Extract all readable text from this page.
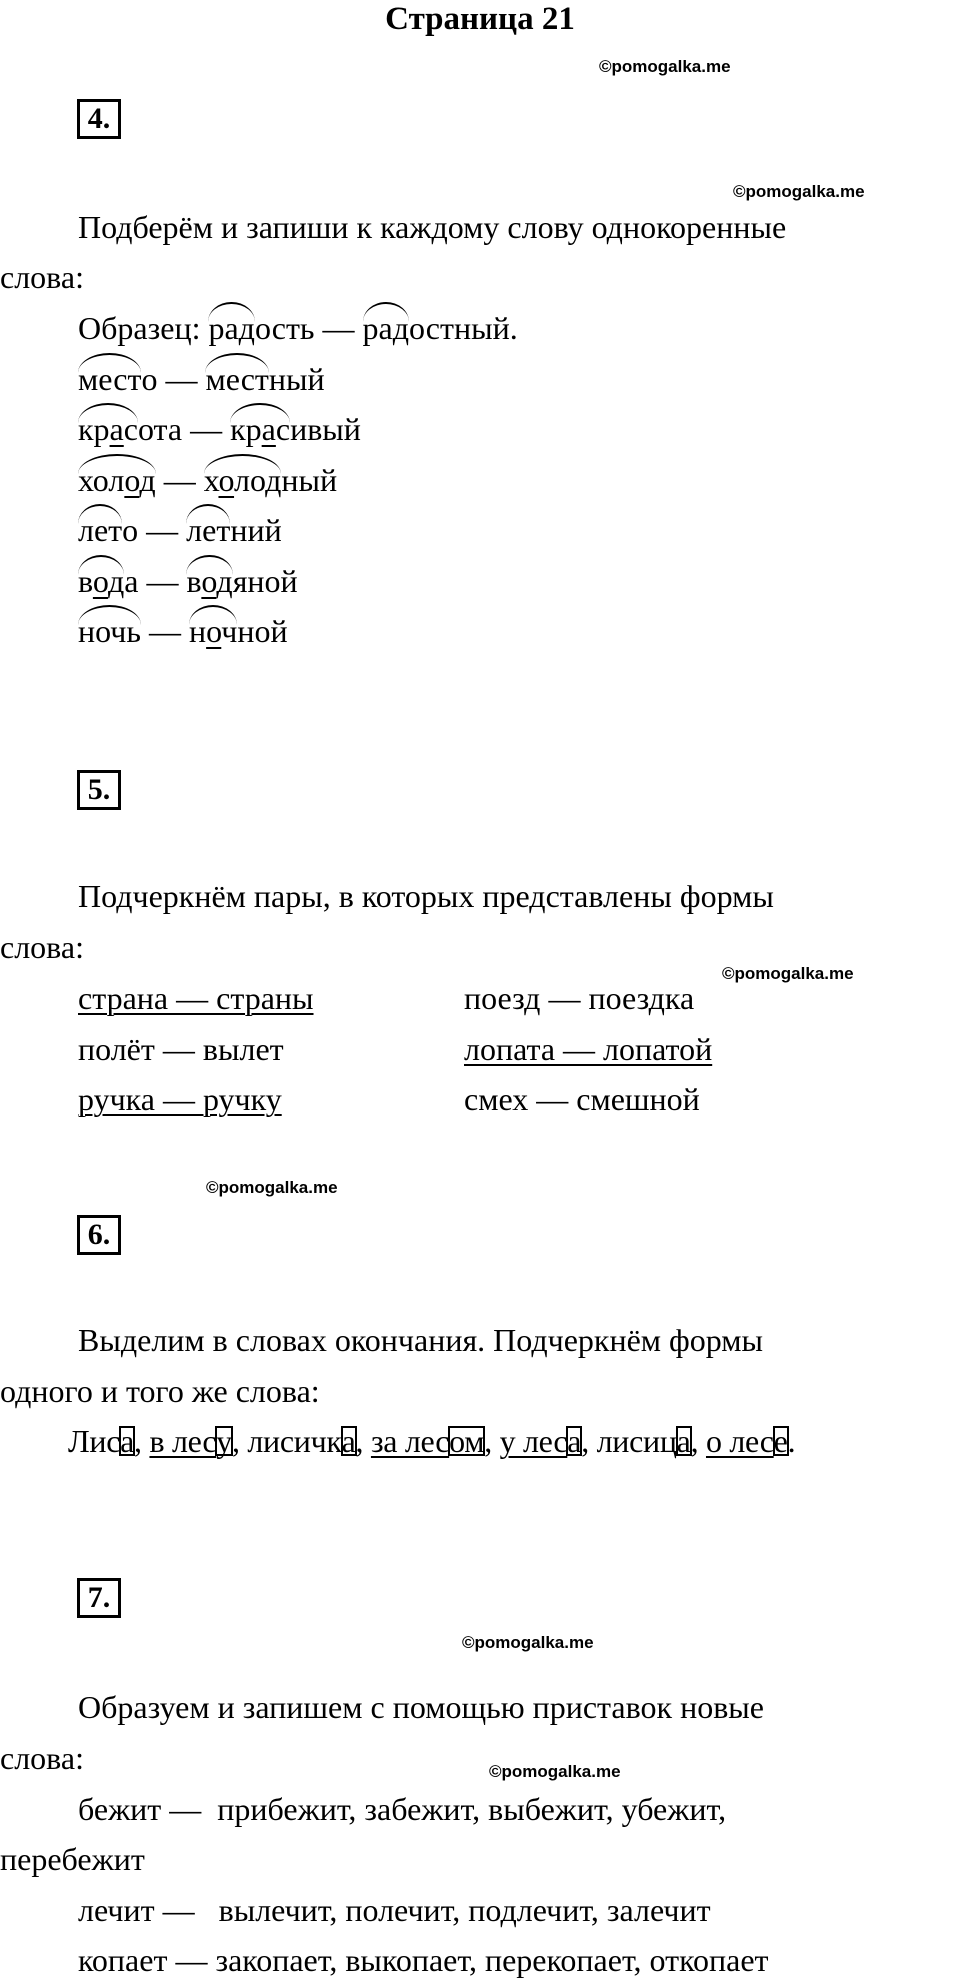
Страница 21
©pomogalka.me
4.
©pomogalka.me
Подберём и запиши к каждому слову однокоренные
слова:
Образец: радость — радостный.
место — местный
красота — красивый
холод — холодный
лето — летний
вода — водяной
ночь — ночной
5.
Подчеркнём пары, в которых представлены формы
слова:
©pomogalka.me
страна — страны	поезд — поездка
полёт — вылет	лопата — лопатой
ручка — ручку	смех — смешной
©pomogalka.me
6.
Выделим в словах окончания. Подчеркнём формы
одного и того же слова:
Лиса, в лесу, лисичка, за лесом, у леса, лисица, о лесе.
7.
©pomogalka.me
Образуем и запишем с помощью приставок новые
слова:	©pomogalka.me
бежит — прибежит, забежит, выбежит, убежит,
перебежит
лечит — вылечит, полечит, подлечит, залечит
копает — закопает, выкопает, перекопает, откопает
